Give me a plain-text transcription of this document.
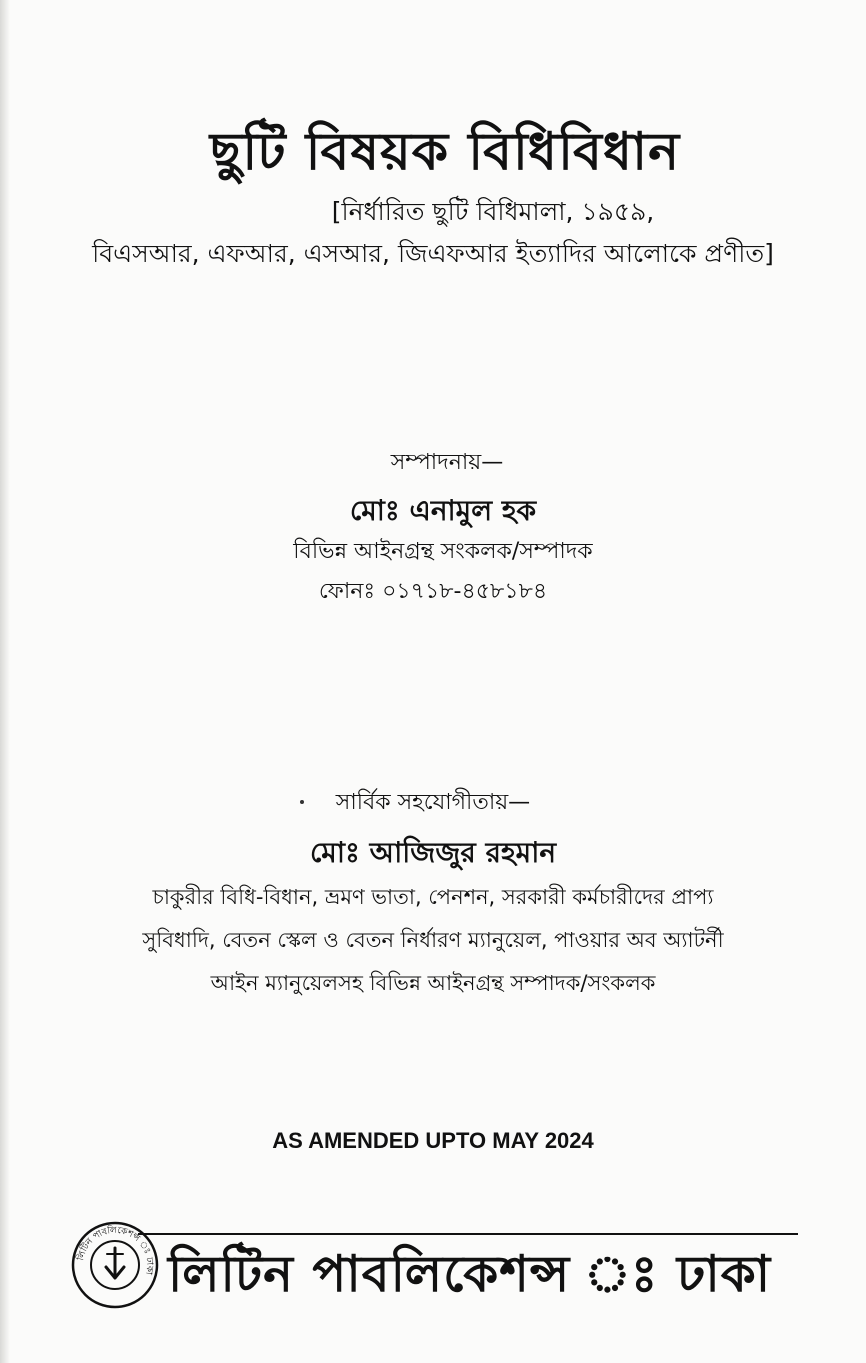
ছুটি বিষয়ক বিধিবিধান
[নির্ধারিত ছুটি বিধিমালা, ১৯৫৯,
বিএসআর, এফআর, এসআর, জিএফআর ইত্যাদির আলোকে প্রণীত]
সম্পাদনায়—
মোঃ এনামুল হক
বিভিন্ন আইনগ্রন্থ সংকলক/সম্পাদক
ফোনঃ ০১৭১৮-৪৫৮১৮৪
সার্বিক সহযোগীতায়—
মোঃ আজিজুর রহমান
চাকুরীর বিধি-বিধান, ভ্রমণ ভাতা, পেনশন, সরকারী কর্মচারীদের প্রাপ্য
সুবিধাদি, বেতন স্কেল ও বেতন নির্ধারণ ম্যানুয়েল, পাওয়ার অব অ্যাটর্নী
আইন ম্যানুয়েলসহ বিভিন্ন আইনগ্রন্থ সম্পাদক/সংকলক
AS AMENDED UPTO MAY 2024
লিটিন পাবলিকেশন্স ঃ ঢাকা লিটিন পাবলিকেশন্স ঃ ঢাকা
